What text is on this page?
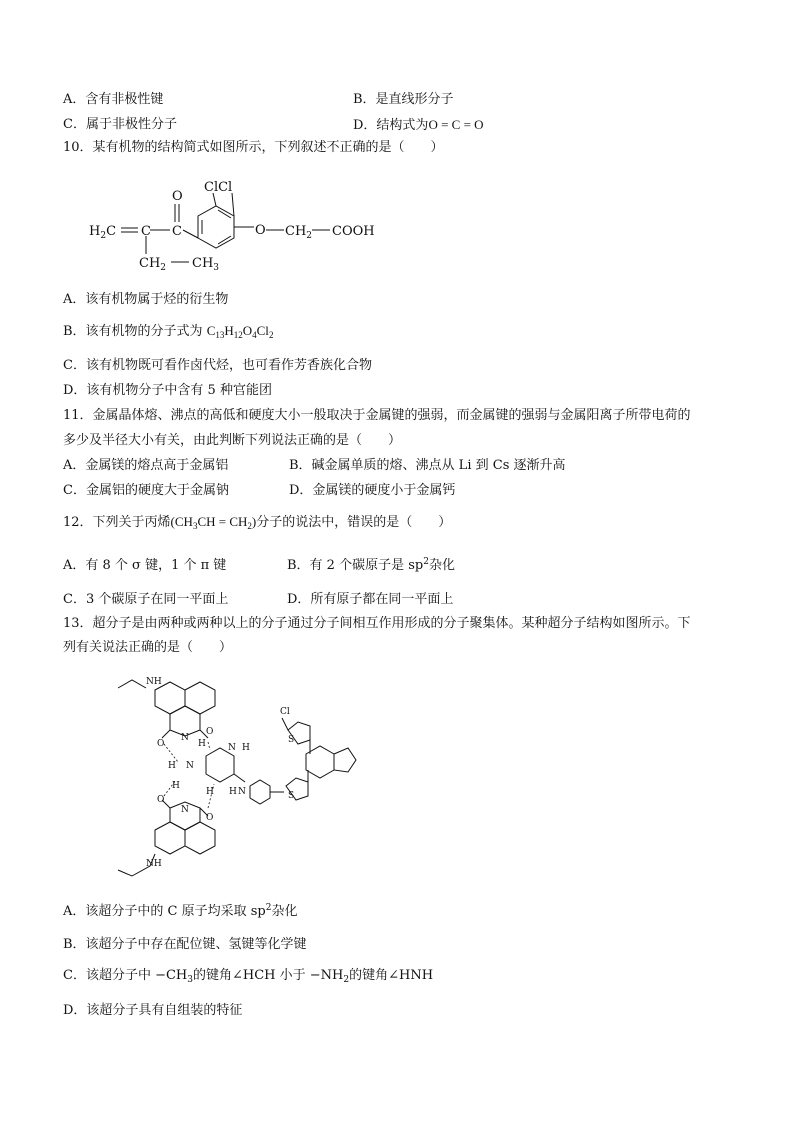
A．含有非极性键	B．是直线形分子
C．属于非极性分子	D．结构式为O = C = O
10．某有机物的结构简式如图所示，下列叙述不正确的是（　　）
O
ClCl
$H_2C$ C C	O $CH_2$ COOH
$CH_2$ $CH_3$
A．该有机物属于烃的衍生物
B．该有机物的分子式为 $C_{13}H_{12}O_4Cl_2$
C．该有机物既可看作卤代烃，也可看作芳香族化合物
D．该有机物分子中含有 5 种官能团
11．金属晶体熔、沸点的高低和硬度大小一般取决于金属键的强弱，而金属键的强弱与金属阳离子所带电荷的
多少及半径大小有关，由此判断下列说法正确的是（　　）
A．金属镁的熔点高于金属铝	B．碱金属单质的熔、沸点从 Li 到 Cs 逐渐升高
C．金属铝的硬度大于金属钠	D．金属镁的硬度小于金属钙
12．下列关于丙烯$(CH_3CH = CH_2)$分子的说法中，错误的是（　　）
A．有 8 个 σ 键，1 个 π 键	B．有 2 个碳原子是 $sp^2$杂化
C．3 个碳原子在同一平面上	D．所有原子都在同一平面上
13．超分子是由两种或两种以上的分子通过分子间相互作用形成的分子聚集体。某种超分子结构如图所示。下
列有关说法正确的是（　　）
NH
NH
O
O
O
O
N
N
N H
H
H N
H
H	N
H
Cl
S
S
A．该超分子中的 C 原子均采取 $sp^2$杂化
B．该超分子中存在配位键、氢键等化学键
C．该超分子中 $-CH_3$的键角∠HCH 小于 $-NH_2$的键角∠HNH
D．该超分子具有自组装的特征
